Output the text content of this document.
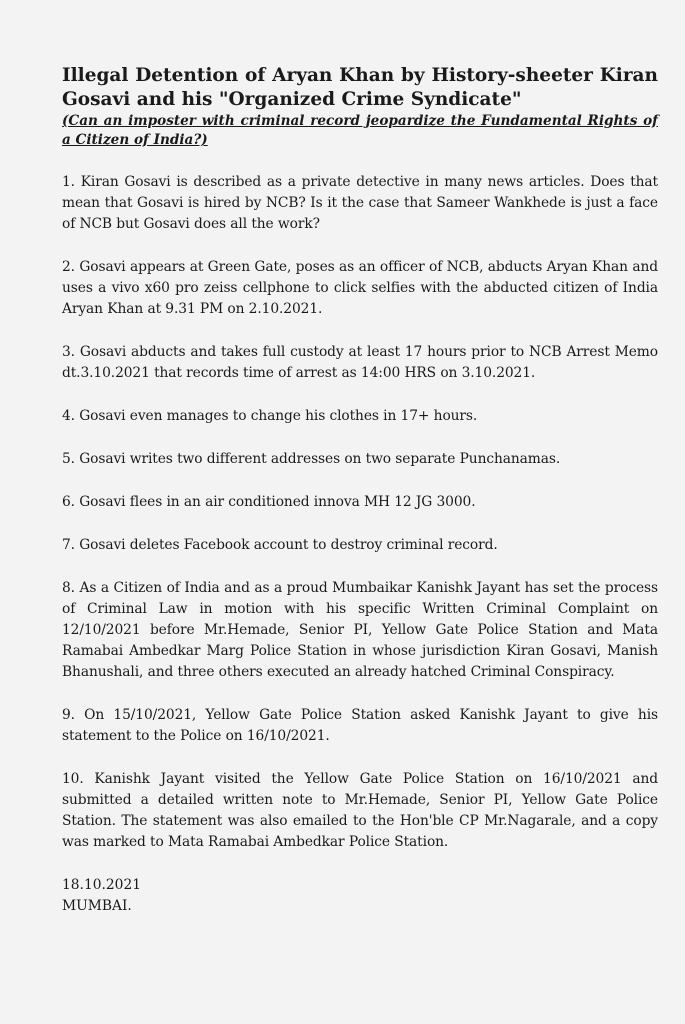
Illegal Detention of Aryan Khan by History-sheeter Kiran Gosavi and his "Organized Crime Syndicate"

(Can an imposter with criminal record jeopardize the Fundamental Rights of a Citizen of India?)

1. Kiran Gosavi is described as a private detective in many news articles. Does that mean that Gosavi is hired by NCB? Is it the case that Sameer Wankhede is just a face of NCB but Gosavi does all the work?

2. Gosavi appears at Green Gate, poses as an officer of NCB, abducts Aryan Khan and uses a vivo x60 pro zeiss cellphone to click selfies with the abducted citizen of India Aryan Khan at 9.31 PM on 2.10.2021.

3. Gosavi abducts and takes full custody at least 17 hours prior to NCB Arrest Memo dt.3.10.2021 that records time of arrest as 14:00 HRS on 3.10.2021.

4. Gosavi even manages to change his clothes in 17+ hours.

5. Gosavi writes two different addresses on two separate Punchanamas.

6. Gosavi flees in an air conditioned innova MH 12 JG 3000.

7. Gosavi deletes Facebook account to destroy criminal record.

8. As a Citizen of India and as a proud Mumbaikar Kanishk Jayant has set the process of Criminal Law in motion with his specific Written Criminal Complaint on 12/10/2021 before Mr.Hemade, Senior PI, Yellow Gate Police Station and Mata Ramabai Ambedkar Marg Police Station in whose jurisdiction Kiran Gosavi, Manish Bhanushali, and three others executed an already hatched Criminal Conspiracy.

9. On 15/10/2021, Yellow Gate Police Station asked Kanishk Jayant to give his statement to the Police on 16/10/2021.

10. Kanishk Jayant visited the Yellow Gate Police Station on 16/10/2021 and submitted a detailed written note to Mr.Hemade, Senior PI, Yellow Gate Police Station. The statement was also emailed to the Hon'ble CP Mr.Nagarale, and a copy was marked to Mata Ramabai Ambedkar Police Station.

18.10.2021
MUMBAI.
